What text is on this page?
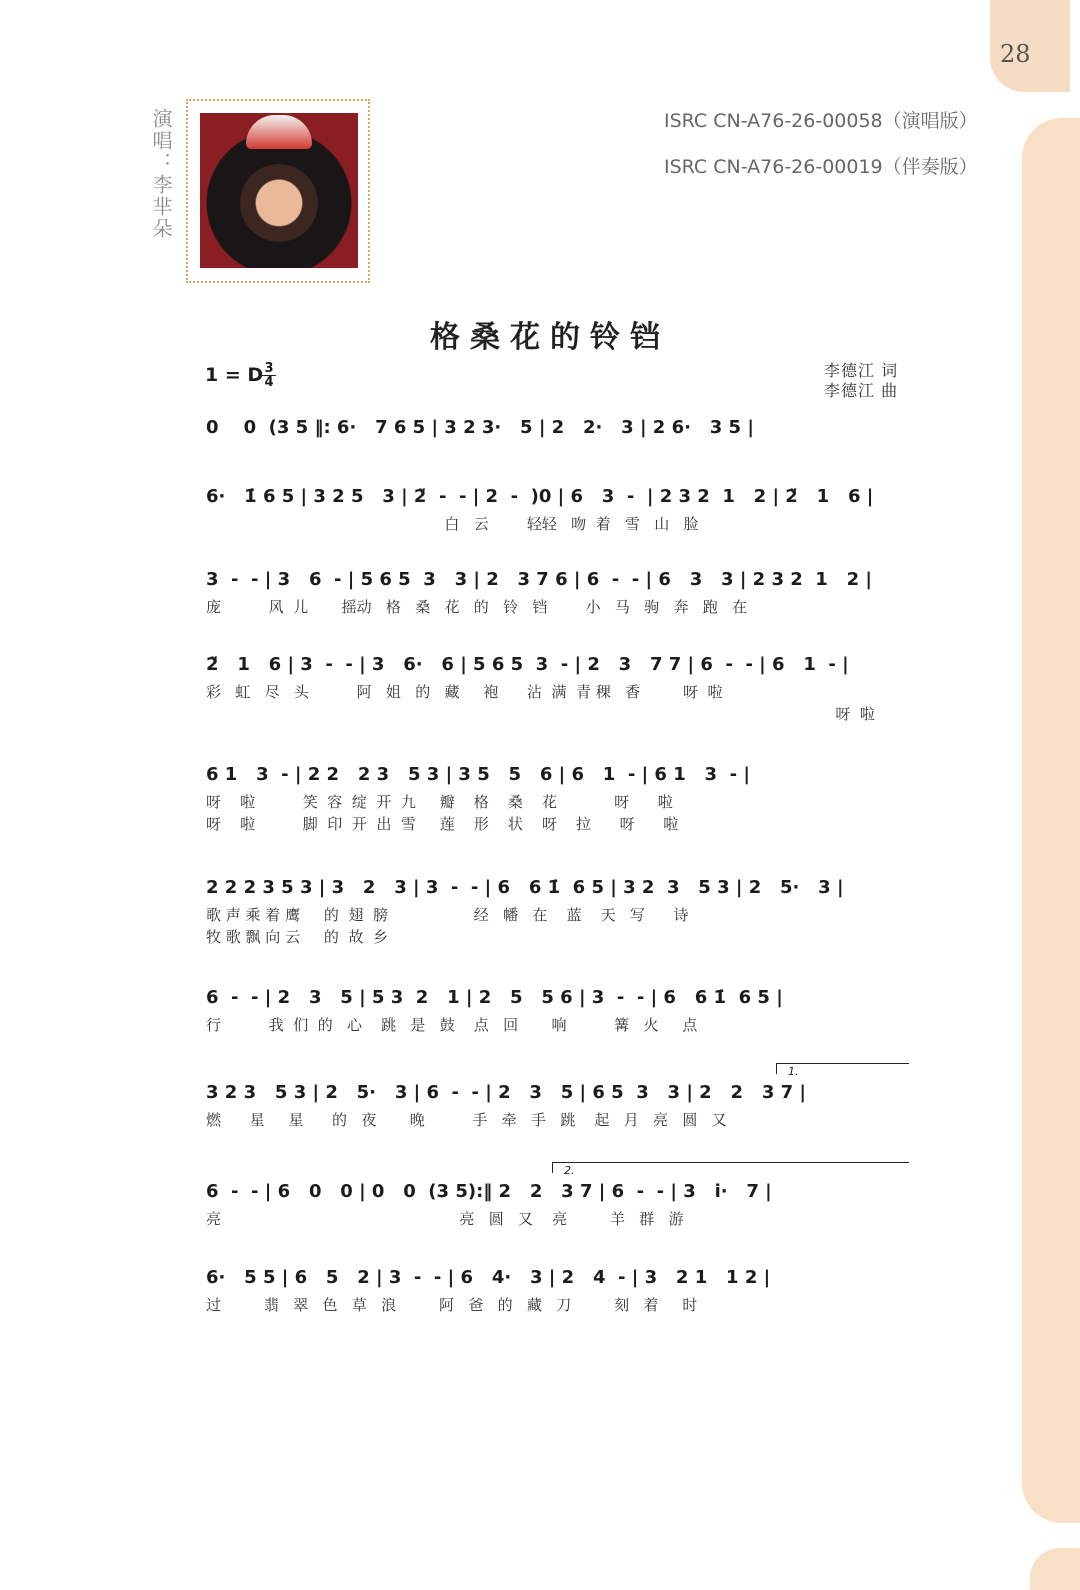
28
演唱：李芈朵	ISRC CN-A76-26-00058（演唱版）
ISRC CN-A76-26-00019（伴奏版）
格桑花的铃铛
1 = D 3
4
李德江 词
李德江 曲
0    0  (3 5 ‖: 6·   7 6 5 | 3 2 3·   5 | 2   2·   3 | 2 6·   3 5 |
6·   1̇ 6 5 | 3 2 5   3 | 2̈  -  - | 2  -  )0 | 6   3  -  | 2 3 2  1   2 | 2̈   1   6 |
白   云        轻轻   吻  着   雪   山   脸
3  -  - | 3   6  - | 5 6 5  3   3 | 2   3 7 6 | 6  -  - | 6   3   3 | 2 3 2  1   2 |
庞          风  儿       摇动   格   桑   花   的   铃   铛        小   马   驹   奔   跑   在
2̈   1   6 | 3  -  - | 3   6·   6 | 5 6 5  3  - | 2   3   7 7 | 6  -  - | 6   1  - |
彩   虹   尽   头          阿   姐   的   藏     袍      沾  满  青 稞   香         呀  啦
呀  啦
6 1   3  - | 2 2   2 3   5 3 | 3 5   5   6 | 6   1  - | 6 1   3  - |
呀    啦          笑  容  绽  开  九     瓣    格    桑    花            呀      啦
呀    啦          脚  印  开  出  雪     莲    形    状    呀    拉      呀      啦
2 2 2 3 5 3 | 3   2   3 | 3  -  - | 6   6 1̇  6 5 | 3 2  3   5 3 | 2   5·   3 |
歌 声 乘 着 鹰     的  翅  膀                  经   幡   在    蓝    天   写      诗
牧 歌 飘 向 云     的  故  乡
6  -  - | 2   3   5 | 5 3  2   1 | 2   5   5 6 | 3  -  - | 6   6 1̇  6 5 |
行          我  们  的   心    跳   是   鼓    点   回       响          篝   火     点
3 2 3   5 3 | 2   5·   3 | 6  -  - | 2   3   5 | 6 5  3   3 | 2   2   3 7 |
燃      星     星      的   夜       晚          手   牵   手   跳    起   月   亮   圆   又
1.
6  -  - | 6   0   0 | 0   0  (3 5):‖ 2   2   3 7 | 6  -  - | 3   i·   7 |
亮                                                  亮   圆   又    亮         羊   群   游
2.
6·   5 5 | 6   5   2 | 3  -  - | 6   4·   3 | 2   4  - | 3   2 1   1 2 |
过         翡   翠   色   草   浪         阿   爸   的   藏   刀         刻   着     时
